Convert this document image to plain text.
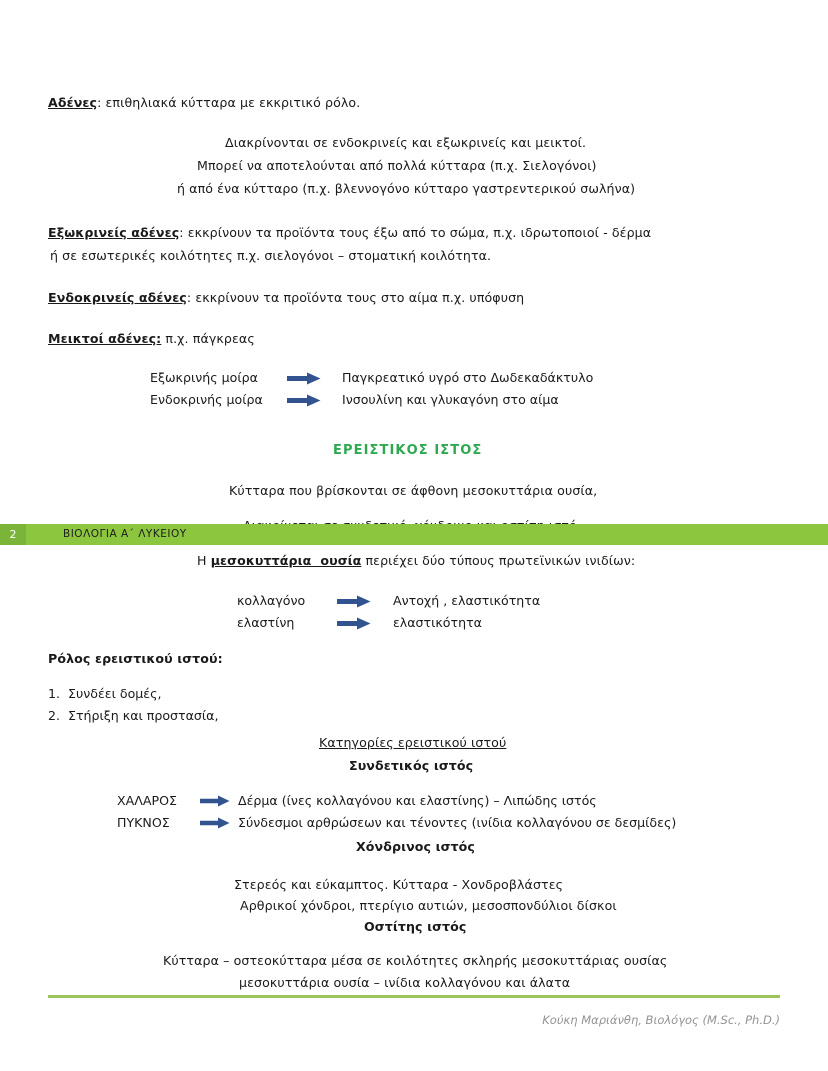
Αδένες: επιθηλιακά κύτταρα με εκκριτικό ρόλο.
Διακρίνονται σε ενδοκρινείς και εξωκρινείς και μεικτοί.
Μπορεί να αποτελούνται από πολλά κύτταρα (π.χ. Σιελογόνοι)
ή από ένα κύτταρο (π.χ. βλεννογόνο κύτταρο γαστρεντερικού σωλήνα)
Εξωκρινείς αδένες: εκκρίνουν τα προϊόντα τους έξω από το σώμα, π.χ. ιδρωτοποιοί - δέρμα
ή σε εσωτερικές κοιλότητες π.χ. σιελογόνοι – στοματική κοιλότητα.
Ενδοκρινείς αδένες: εκκρίνουν τα προϊόντα τους στο αίμα π.χ. υπόφυση
Μεικτοί αδένες: π.χ. πάγκρεας
Εξωκρινής μοίρα	Παγκρεατικό υγρό στο Δωδεκαδάκτυλο
Ενδοκρινής μοίρα	Ινσουλίνη και γλυκαγόνη στο αίμα
ΕΡΕΙΣΤΙΚΟΣ ΙΣΤΟΣ
Κύτταρα που βρίσκονται σε άφθονη μεσοκυττάρια ουσία,
2	ΒΙΟΛΟΓΙΑ Α΄ ΛΥΚΕΙΟΥ
Η μεσοκυττάρια  ουσία περιέχει δύο τύπους πρωτεϊνικών ινιδίων:
κολλαγόνο	Αντοχή , ελαστικότητα
ελαστίνη	ελαστικότητα
Ρόλος ερειστικού ιστού:
1. Συνδέει δομές,
2. Στήριξη και προστασία,
Κατηγορίες ερειστικού ιστού
Συνδετικός ιστός
ΧΑΛΑΡΟΣ	Δέρμα (ίνες κολλαγόνου και ελαστίνης) – Λιπώδης ιστός
ΠΥΚΝΟΣ	Σύνδεσμοι αρθρώσεων και τένοντες (ινίδια κολλαγόνου σε δεσμίδες)
Χόνδρινος ιστός
Στερεός και εύκαμπτος. Κύτταρα - Χονδροβλάστες
Αρθρικοί χόνδροι, πτερίγιο αυτιών, μεσοσπονδύλιοι δίσκοι
Οστίτης ιστός
Κύτταρα – οστεοκύτταρα μέσα σε κοιλότητες σκληρής μεσοκυττάριας ουσίας
μεσοκυττάρια ουσία – ινίδια κολλαγόνου και άλατα
Κούκη Μαριάνθη, Βιολόγος (M.Sc., Ph.D.)
